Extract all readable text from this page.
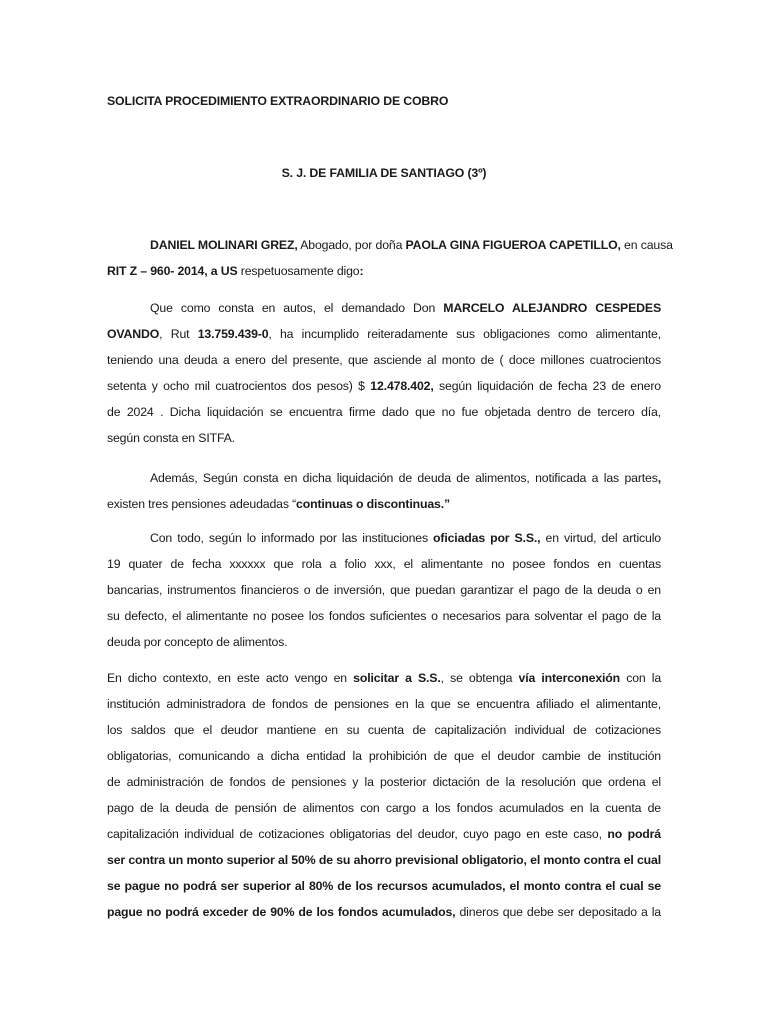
SOLICITA PROCEDIMIENTO EXTRAORDINARIO DE COBRO
S. J. DE FAMILIA DE SANTIAGO (3º)
DANIEL MOLINARI GREZ, Abogado, por doña PAOLA GINA FIGUEROA CAPETILLO, en causa
RIT Z – 960- 2014, a US respetuosamente digo:
Que como consta en autos, el demandado Don MARCELO ALEJANDRO CESPEDES
OVANDO, Rut 13.759.439-0, ha incumplido reiteradamente sus obligaciones como alimentante,
teniendo una deuda a enero del presente, que asciende al monto de ( doce millones cuatrocientos
setenta y ocho mil cuatrocientos dos pesos) $ 12.478.402, según liquidación de fecha 23 de enero
de 2024 . Dicha liquidación se encuentra firme dado que no fue objetada dentro de tercero día,
según consta en SITFA.
Además, Según consta en dicha liquidación de deuda de alimentos, notificada a las partes,
existen tres pensiones adeudadas “continuas o discontinuas.”
Con todo, según lo informado por las instituciones oficiadas por S.S., en virtud, del articulo
19 quater de fecha xxxxxx que rola a folio xxx, el alimentante no posee fondos en cuentas
bancarias, instrumentos financieros o de inversión, que puedan garantizar el pago de la deuda o en
su defecto, el alimentante no posee los fondos suficientes o necesarios para solventar el pago de la
deuda por concepto de alimentos.
En dicho contexto, en este acto vengo en solicitar a S.S., se obtenga vía interconexión con la
institución administradora de fondos de pensiones en la que se encuentra afiliado el alimentante,
los saldos que el deudor mantiene en su cuenta de capitalización individual de cotizaciones
obligatorias, comunicando a dicha entidad la prohibición de que el deudor cambie de institución
de administración de fondos de pensiones y la posterior dictación de la resolución que ordena el
pago de la deuda de pensión de alimentos con cargo a los fondos acumulados en la cuenta de
capitalización individual de cotizaciones obligatorias del deudor, cuyo pago en este caso, no podrá
ser contra un monto superior al 50% de su ahorro previsional obligatorio, el monto contra el cual
se pague no podrá ser superior al 80% de los recursos acumulados, el monto contra el cual se
pague no podrá exceder de 90% de los fondos acumulados, dineros que debe ser depositado a la
